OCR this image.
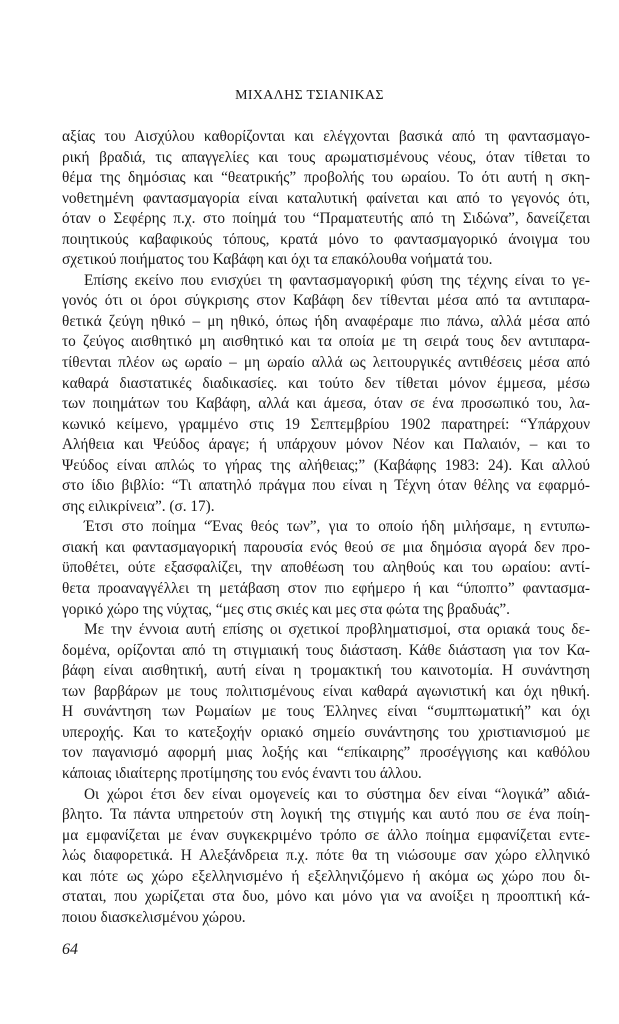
ΜΙΧΑΛΗΣ ΤΣΙΑΝΙΚΑΣ
αξίας του Αισχύλου καθορίζονται και ελέγχονται βασικά από τη φαντασμαγο-
ρική βραδιά, τις απαγγελίες και τους αρωματισμένους νέους, όταν τίθεται το
θέμα της δημόσιας και “θεατρικής” προβολής του ωραίου. Το ότι αυτή η σκη-
νοθετημένη φαντασμαγορία είναι καταλυτική φαίνεται και από το γεγονός ότι,
όταν ο Σεφέρης π.χ. στο ποίημά του “Πραματευτής από τη Σιδώνα”, δανείζεται
ποιητικούς καβαφικούς τόπους, κρατά μόνο το φαντασμαγορικό άνοιγμα του
σχετικού ποιήματος του Καβάφη και όχι τα επακόλουθα νοήματά του.
Επίσης εκείνο που ενισχύει τη φαντασμαγορική φύση της τέχνης είναι το γε-
γονός ότι οι όροι σύγκρισης στον Καβάφη δεν τίθενται μέσα από τα αντιπαρα-
θετικά ζεύγη ηθικό – μη ηθικό, όπως ήδη αναφέραμε πιο πάνω, αλλά μέσα από
το ζεύγος αισθητικό μη αισθητικό και τα οποία με τη σειρά τους δεν αντιπαρα-
τίθενται πλέον ως ωραίο – μη ωραίο αλλά ως λειτουργικές αντιθέσεις μέσα από
καθαρά διαστατικές διαδικασίες. και τούτο δεν τίθεται μόνον έμμεσα, μέσω
των ποιημάτων του Καβάφη, αλλά και άμεσα, όταν σε ένα προσωπικό του, λα-
κωνικό κείμενο, γραμμένο στις 19 Σεπτεμβρίου 1902 παρατηρεί: “Υπάρχουν
Αλήθεια και Ψεύδος άραγε; ή υπάρχουν μόνον Νέον και Παλαιόν, – και το
Ψεύδος είναι απλώς το γήρας της αλήθειας;” (Καβάφης 1983: 24). Και αλλού
στο ίδιο βιβλίο: “Τι απατηλό πράγμα που είναι η Τέχνη όταν θέλης να εφαρμό-
σης ειλικρίνεια”. (σ. 17).
Έτσι στο ποίημα “Ένας θεός των”, για το οποίο ήδη μιλήσαμε, η εντυπω-
σιακή και φαντασμαγορική παρουσία ενός θεού σε μια δημόσια αγορά δεν προ-
ϋποθέτει, ούτε εξασφαλίζει, την αποθέωση του αληθούς και του ωραίου: αντί-
θετα προαναγγέλλει τη μετάβαση στον πιο εφήμερο ή και “ύποπτο” φαντασμα-
γορικό χώρο της νύχτας, “μες στις σκιές και μες στα φώτα της βραδυάς”.
Με την έννοια αυτή επίσης οι σχετικοί προβληματισμοί, στα οριακά τους δε-
δομένα, ορίζονται από τη στιγμιαική τους διάσταση. Κάθε διάσταση για τον Κα-
βάφη είναι αισθητική, αυτή είναι η τρομακτική του καινοτομία. Η συνάντηση
των βαρβάρων με τους πολιτισμένους είναι καθαρά αγωνιστική και όχι ηθική.
Η συνάντηση των Ρωμαίων με τους Έλληνες είναι “συμπτωματική” και όχι
υπεροχής. Και το κατεξοχήν οριακό σημείο συνάντησης του χριστιανισμού με
τον παγανισμό αφορμή μιας λοξής και “επίκαιρης” προσέγγισης και καθόλου
κάποιας ιδιαίτερης προτίμησης του ενός έναντι του άλλου.
Οι χώροι έτσι δεν είναι ομογενείς και το σύστημα δεν είναι “λογικά” αδιά-
βλητο. Τα πάντα υπηρετούν στη λογική της στιγμής και αυτό που σε ένα ποίη-
μα εμφανίζεται με έναν συγκεκριμένο τρόπο σε άλλο ποίημα εμφανίζεται εντε-
λώς διαφορετικά. Η Αλεξάνδρεια π.χ. πότε θα τη νιώσουμε σαν χώρο ελληνικό
και πότε ως χώρο εξελληνισμένο ή εξελληνιζόμενο ή ακόμα ως χώρο που δι-
σταται, που χωρίζεται στα δυο, μόνο και μόνο για να ανοίξει η προοπτική κά-
ποιου διασκελισμένου χώρου.
64
